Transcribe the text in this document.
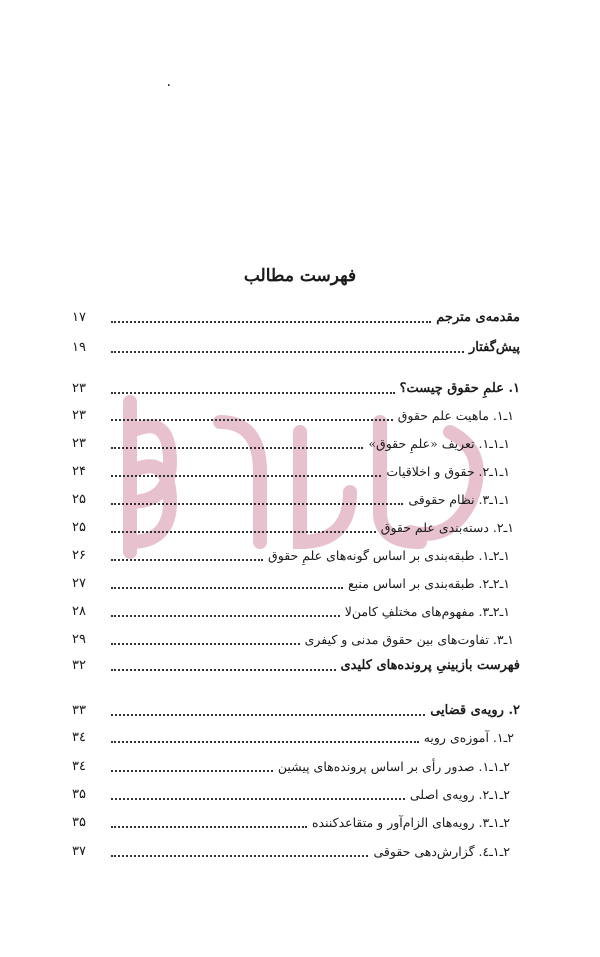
۰
فهرست مطالب
مقدمه‌ی مترجم
۱۷
پیش‌گفتار
۱۹
۱. علمِ حقوق چیست؟
۲۳
۱ـ۱. ماهیت علم حقوق
۲۳
۱ـ۱ـ۱. تعریف «علمِ حقوق»
۲۳
۱ـ۱ـ۲. حقوق و اخلاقیات
۲۴
۱ـ۱ـ۳. نظام حقوقی
۲۵
۱ـ۲. دسته‌بندی علم حقوق
۲۵
۱ـ۲ـ۱. طبقه‌بندی بر اساس گونه‌های علمِ حقوق
۲۶
۱ـ۲ـ۲. طبقه‌بندی بر اساس منبع
۲۷
۱ـ۲ـ۳. مفهوم‌های مختلفِ کامن‌لا
۲۸
۱ـ۳. تفاوت‌های بین حقوق مدنی و کیفری
۲۹
فهرست بازبینیِ پرونده‌های کلیدی
۳۲
۲. رویه‌ی قضایی
۳۳
۲ـ۱. آموزه‌ی رویه
۳٤
۲ـ۱ـ۱. صدور رأی بر اساس پرونده‌های پیشین
۳٤
۲ـ۱ـ۲. رویه‌ی اصلی
۳۵
۲ـ۱ـ۳. رویه‌های الزام‌آور و متقاعدکننده
۳۵
۲ـ۱ـ٤. گزارش‌دهی حقوقی
۳۷
